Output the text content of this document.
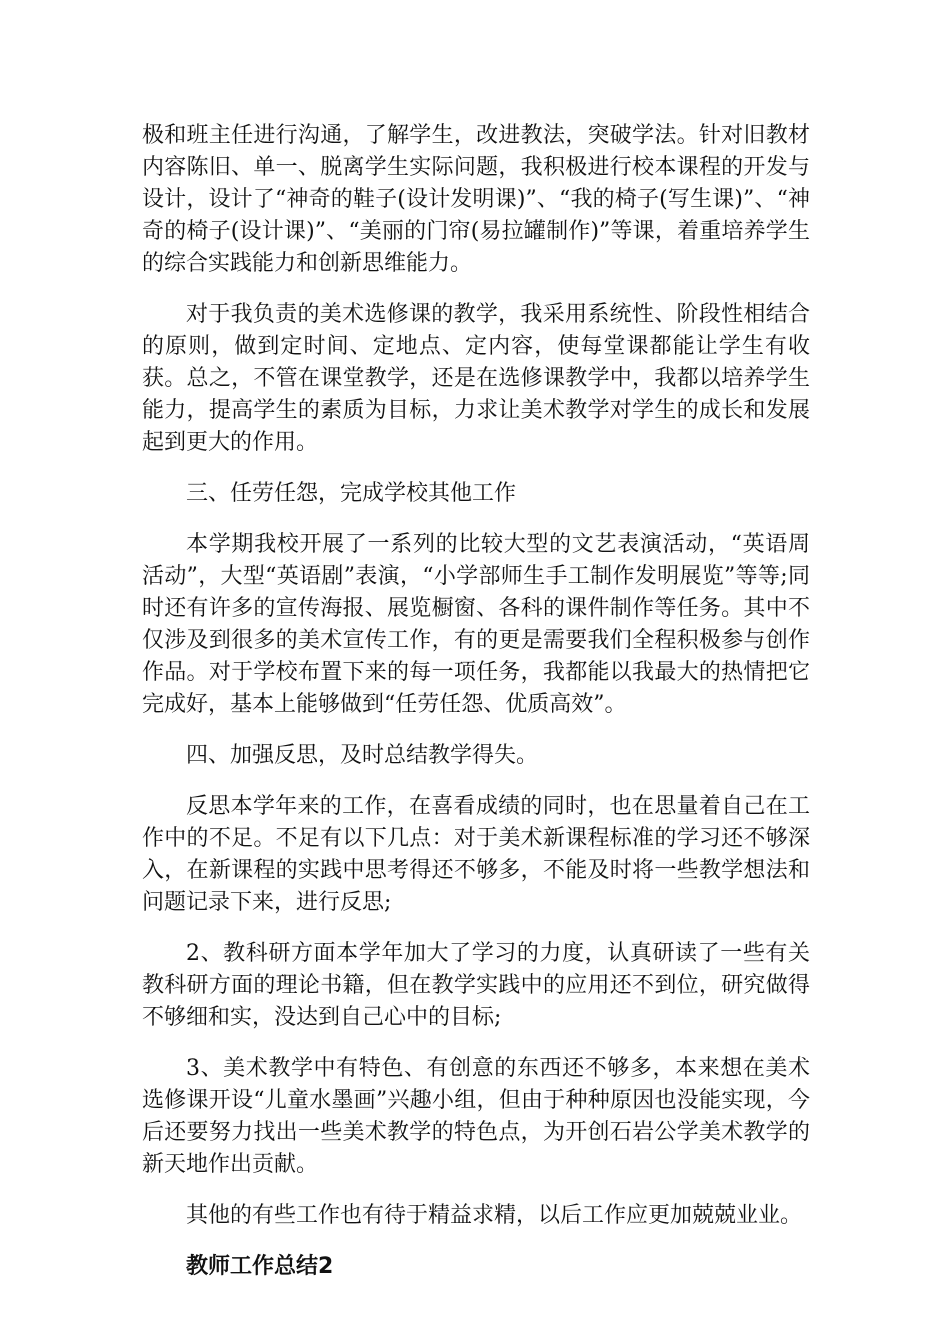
极和班主任进行沟通，了解学生，改进教法，突破学法。针对旧教材内容陈旧、单一、脱离学生实际问题，我积极进行校本课程的开发与设计，设计了“神奇的鞋子(设计发明课)”、“我的椅子(写生课)”、“神奇的椅子(设计课)”、“美丽的门帘(易拉罐制作)”等课，着重培养学生的综合实践能力和创新思维能力。

对于我负责的美术选修课的教学，我采用系统性、阶段性相结合的原则，做到定时间、定地点、定内容，使每堂课都能让学生有收获。总之，不管在课堂教学，还是在选修课教学中，我都以培养学生能力，提高学生的素质为目标，力求让美术教学对学生的成长和发展起到更大的作用。

三、任劳任怨，完成学校其他工作

本学期我校开展了一系列的比较大型的文艺表演活动，“英语周活动”，大型“英语剧”表演，“小学部师生手工制作发明展览”等等;同时还有许多的宣传海报、展览橱窗、各科的课件制作等任务。其中不仅涉及到很多的美术宣传工作，有的更是需要我们全程积极参与创作作品。对于学校布置下来的每一项任务，我都能以我最大的热情把它完成好，基本上能够做到“任劳任怨、优质高效”。

四、加强反思，及时总结教学得失。

反思本学年来的工作，在喜看成绩的同时，也在思量着自己在工作中的不足。不足有以下几点：对于美术新课程标准的学习还不够深入，在新课程的实践中思考得还不够多，不能及时将一些教学想法和问题记录下来，进行反思;

2、教科研方面本学年加大了学习的力度，认真研读了一些有关教科研方面的理论书籍，但在教学实践中的应用还不到位，研究做得不够细和实，没达到自己心中的目标;

3、美术教学中有特色、有创意的东西还不够多，本来想在美术选修课开设“儿童水墨画”兴趣小组，但由于种种原因也没能实现，今后还要努力找出一些美术教学的特色点，为开创石岩公学美术教学的新天地作出贡献。

其他的有些工作也有待于精益求精，以后工作应更加兢兢业业。

教师工作总结2
